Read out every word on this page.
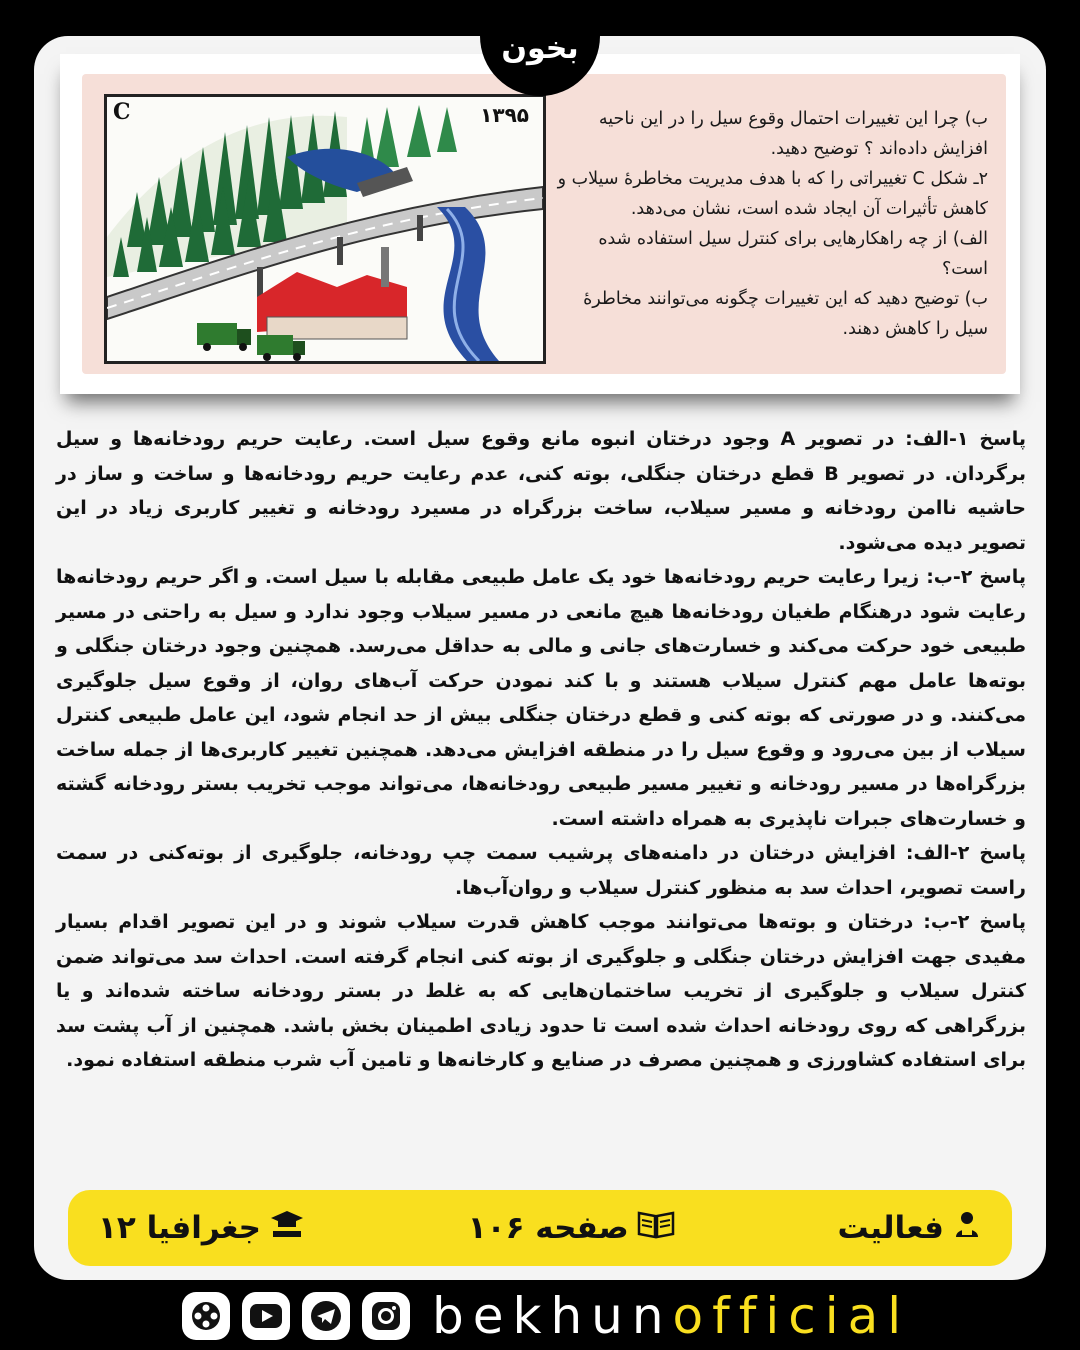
C	۱۳۹۵	ب) چرا این تغییرات احتمال وقوع سیل را در این ناحیه افزایش داده‌اند ؟ توضیح دهید.

۲ـ شکل C تغییراتی را که با هدف مدیریت مخاطرهٔ سیلاب و کاهش تأثیرات آن ایجاد شده است، نشان می‌دهد.

الف) از چه راهکارهایی برای کنترل سیل استفاده شده است؟

ب) توضیح دهید که این تغییرات چگونه می‌توانند مخاطرهٔ سیل را کاهش دهند.

پاسخ ۱-الف: در تصویر A وجود درختان انبوه مانع وقوع سیل است. رعایت حریم رودخانه‌ها و سیل برگردان. در تصویر B قطع درختان جنگلی، بوته کنی، عدم رعایت حریم رودخانه‌ها و ساخت و ساز در حاشیه ناامن رودخانه و مسیر سیلاب، ساخت بزرگراه در مسیرد رودخانه و تغییر کاربری زیاد در این تصویر دیده می‌شود.

پاسخ ۲-ب: زیرا رعایت حریم رودخانه‌ها خود یک عامل طبیعی مقابله با سیل است. و اگر حریم رودخانه‌ها رعایت شود درهنگام طغیان رودخانه‌ها هیچ مانعی در مسیر سیلاب وجود ندارد و سیل به راحتی در مسیر طبیعی خود حرکت می‌کند و خسارت‌های جانی و مالی به حداقل می‌رسد. همچنین وجود درختان جنگلی و بوته‌ها عامل مهم کنترل سیلاب هستند و با کند نمودن حرکت آب‌های روان، از وقوع سیل جلوگیری می‌کنند. و در صورتی که بوته کنی و قطع درختان جنگلی بیش از حد انجام شود، این عامل طبیعی کنترل سیلاب از بین می‌رود و وقوع سیل را در منطقه افزایش می‌دهد. همچنین تغییر کاربری‌ها از جمله ساخت بزرگراه‌ها در مسیر رودخانه و تغییر مسیر طبیعی رودخانه‌ها، می‌تواند موجب تخریب بستر رودخانه گشته و خسارت‌های جبرات ناپذیری به همراه داشته است.

پاسخ ۲-الف: افزایش درختان در دامنه‌های پرشیب سمت چپ رودخانه، جلوگیری از بوته‌کنی در سمت راست تصویر، احداث سد به منظور کنترل سیلاب و روان‌آب‌ها.

پاسخ ۲-ب: درختان و بوته‌ها می‌توانند موجب کاهش قدرت سیلاب شوند و در این تصویر اقدام بسیار مفیدی جهت افزایش درختان جنگلی و جلوگیری از بوته کنی انجام گرفته است. احداث سد می‌تواند ضمن کنترل سیلاب و جلوگیری از تخریب ساختمان‌هایی که به غلط در بستر رودخانه ساخته شده‌اند و یا بزرگراهی که روی رودخانه احداث شده است تا حدود زیادی اطمینان بخش باشد. همچنین از آب پشت سد برای استفاده کشاورزی و همچنین مصرف در صنایع و کارخانه‌ها و تامین آب شرب منطقه استفاده نمود.

فعالیت
صفحه ۱۰۶
جغرافیا ۱۲
بخون
bekhunofficial
